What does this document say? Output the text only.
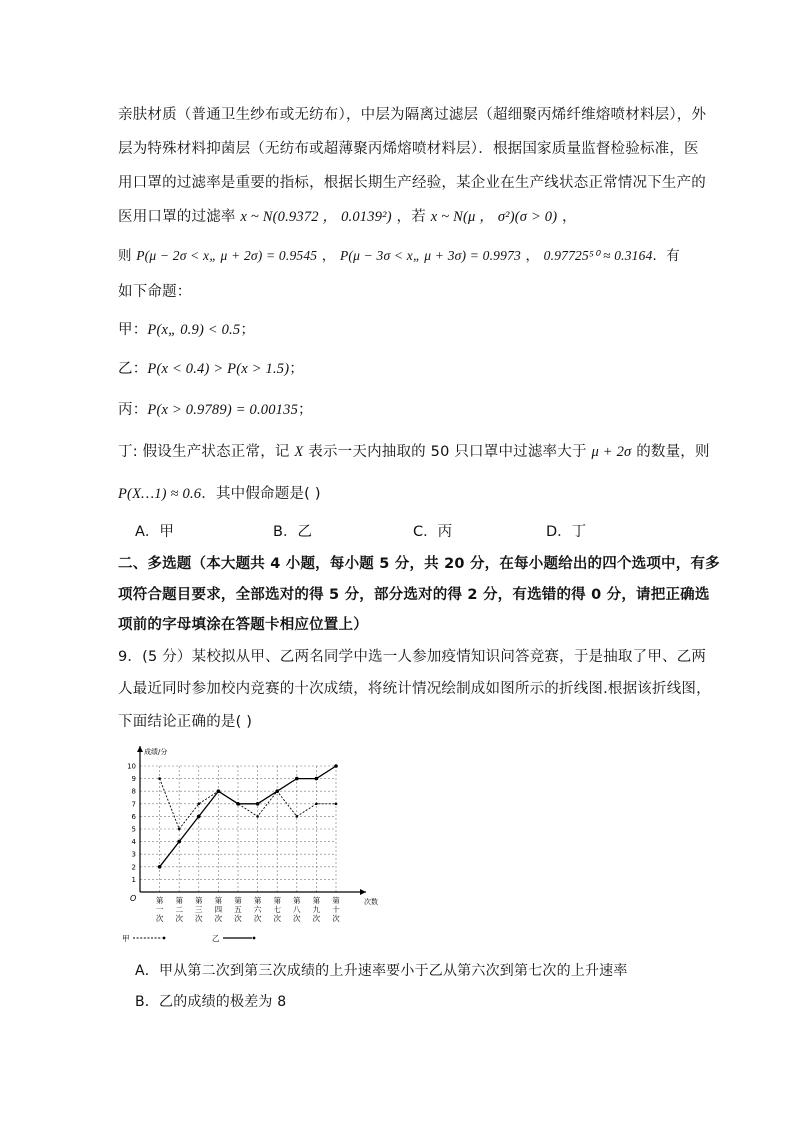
亲肤材质（普通卫生纱布或无纺布），中层为隔离过滤层（超细聚丙烯纤维熔喷材料层），外
层为特殊材料抑菌层（无纺布或超薄聚丙烯熔喷材料层）．根据国家质量监督检验标准，医
用口罩的过滤率是重要的指标，根据长期生产经验，某企业在生产线状态正常情况下生产的
医用口罩的过滤率 x ~ N(0.9372 ， 0.0139²) ，若 x ~ N(μ ， σ²)(σ > 0) ，
则 P(μ − 2σ < x„ μ + 2σ) = 0.9545 ， P(μ − 3σ < x„ μ + 3σ) = 0.9973 ， 0.97725⁵⁰ ≈ 0.3164．有
如下命题：
甲：P(x„ 0.9) < 0.5；
乙：P(x < 0.4) > P(x > 1.5)；
丙：P(x > 0.9789) = 0.00135；
丁: 假设生产状态正常，记 X 表示一天内抽取的 50 只口罩中过滤率大于 μ + 2σ 的数量，则
P(X…1) ≈ 0.6．其中假命题是( )
A．甲	B．乙	C．丙	D．丁
二、多选题（本大题共 4 小题，每小题 5 分，共 20 分，在每小题给出的四个选项中，有多
项符合题目要求，全部选对的得 5 分，部分选对的得 2 分，有选错的得 0 分，请把正确选
项前的字母填涂在答题卡相应位置上）
9．(5 分）某校拟从甲、乙两名同学中选一人参加疫情知识问答竞赛，于是抽取了甲、乙两
人最近同时参加校内竞赛的十次成绩，将统计情况绘制成如图所示的折线图.根据该折线图，
下面结论正确的是( )
成绩/分
次数
O
1
2
3
4
5
6
7
8
9
10
第
一
次
第
二
次
第
三
次
第
四
次
第
五
次
第
六
次
第
七
次
第
八
次
第
九
次
第
十
次
甲	乙
A．甲从第二次到第三次成绩的上升速率要小于乙从第六次到第七次的上升速率
B．乙的成绩的极差为 8
